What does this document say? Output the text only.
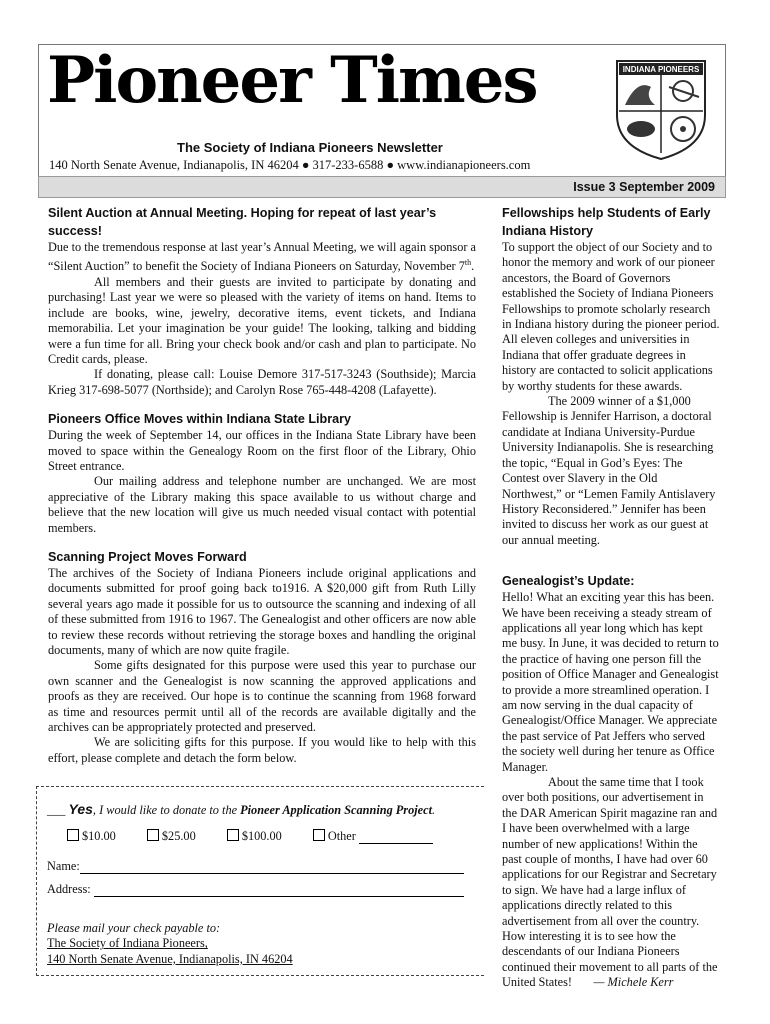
Pioneer Times
The Society of Indiana Pioneers Newsletter
140 North Senate Avenue, Indianapolis, IN 46204 ● 317-233-6588 ● www.indianapioneers.com
INDIANA PIONEERS
Issue 3 September 2009
Silent Auction at Annual Meeting. Hoping for repeat of last year’s success!

Due to the tremendous response at last year’s Annual Meeting, we will again sponsor a “Silent Auction” to benefit the Society of Indiana Pioneers on Saturday, November 7th.

All members and their guests are invited to participate by donating and purchasing! Last year we were so pleased with the variety of items on hand. Items to include are books, wine, jewelry, decorative items, event tickets, and Indiana memorabilia. Let your imagination be your guide! The looking, talking and bidding were a fun time for all. Bring your check book and/or cash and plan to participate. No Credit cards, please.

If donating, please call: Louise Demore 317-517-3243 (Southside); Marcia Krieg 317-698-5077 (Northside); and Carolyn Rose 765-448-4208 (Lafayette).

Pioneers Office Moves within Indiana State Library

During the week of September 14, our offices in the Indiana State Library have been moved to space within the Genealogy Room on the first floor of the Library, Ohio Street entrance.

Our mailing address and telephone number are unchanged. We are most appreciative of the Library making this space available to us without charge and believe that the new location will give us much needed visual contact with potential members.

Scanning Project Moves Forward

The archives of the Society of Indiana Pioneers include original applications and documents submitted for proof going back to1916. A $20,000 gift from Ruth Lilly several years ago made it possible for us to outsource the scanning and indexing of all of these submitted from 1916 to 1967. The Genealogist and other officers are now able to review these records without retrieving the storage boxes and handling the original documents, many of which are now quite fragile.

Some gifts designated for this purpose were used this year to purchase our own scanner and the Genealogist is now scanning the approved applications and proofs as they are received. Our hope is to continue the scanning from 1968 forward as time and resources permit until all of the records are available digitally and the archives can be appropriately protected and preserved.

We are soliciting gifts for this purpose. If you would like to help with this effort, please complete and detach the form below.

___ Yes, I would like to donate to the Pioneer Application Scanning Project.
$10.00	$25.00	$100.00	Other
Name:
Address:
Please mail your check payable to:
The Society of Indiana Pioneers,
140 North Senate Avenue, Indianapolis, IN 46204
Fellowships help Students of Early Indiana History

To support the object of our Society and to honor the memory and work of our pioneer ancestors, the Board of Governors established the Society of Indiana Pioneers Fellowships to promote scholarly research in Indiana history during the pioneer period. All eleven colleges and universities in Indiana that offer graduate degrees in history are contacted to solicit applications by worthy students for these awards.

The 2009 winner of a $1,000 Fellowship is Jennifer Harrison, a doctoral candidate at Indiana University-Purdue University Indianapolis. She is researching the topic, “Equal in God’s Eyes: The Contest over Slavery in the Old Northwest,” or “Lemen Family Antislavery History Reconsidered.” Jennifer has been invited to discuss her work as our guest at our annual meeting.

Genealogist’s Update:

Hello! What an exciting year this has been. We have been receiving a steady stream of applications all year long which has kept me busy. In June, it was decided to return to the practice of having one person fill the position of Office Manager and Genealogist to provide a more streamlined operation. I am now serving in the dual capacity of Genealogist/Office Manager. We appreciate the past service of Pat Jeffers who served the society well during her tenure as Office Manager.

About the same time that I took over both positions, our advertisement in the DAR American Spirit magazine ran and I have been overwhelmed with a large number of new applications! Within the past couple of months, I have had over 60 applications for our Registrar and Secretary to sign. We have had a large influx of applications directly related to this advertisement from all over the country. How interesting it is to see how the descendants of our Indiana Pioneers continued their movement to all parts of the United States! — Michele Kerr
